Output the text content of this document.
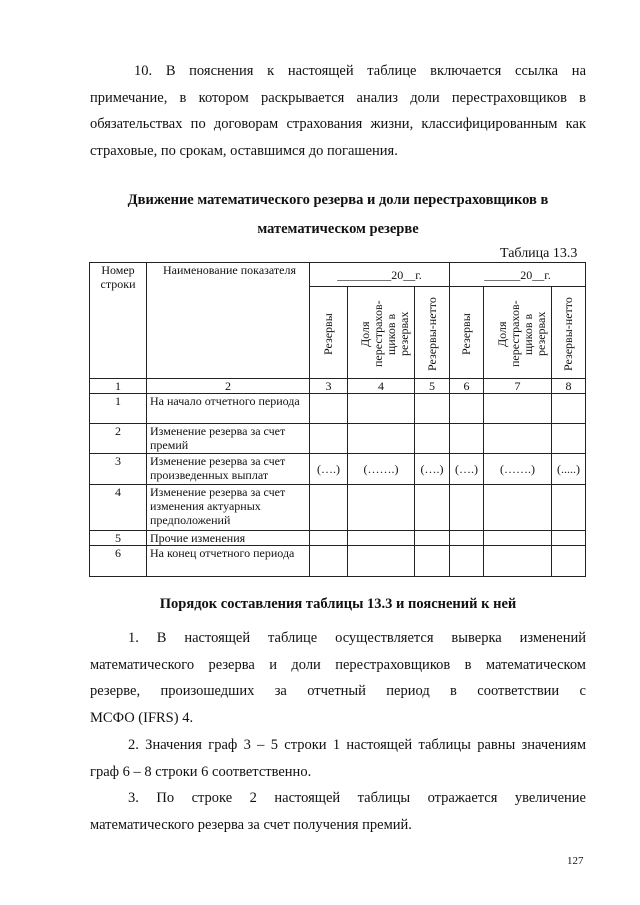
10. В пояснения к настоящей таблице включается ссылка на
примечание, в котором раскрывается анализ доли перестраховщиков в
обязательствах по договорам страхования жизни, классифицированным как
страховые, по срокам, оставшимся до погашения.
Движение математического резерва и доли перестраховщиков в
математическом резерве
Таблица 13.3
Номер строки	Наименование показателя	_________20__г.			______20__г.		

		Резервы	Доля перестрахов-щиков в резервах	Резервы-нетто	Резервы	Доля перестрахов-щиков в резервах	Резервы-нетто

1	2	3	4	5	6	7	8
1	На начало отчетного периода						
2	Изменение резерва за счет премий						
3	Изменение резерва за счет произведенных выплат	(….)	(…….)	(….)	(….)	(…….)	(.....)
4	Изменение резерва за счет изменения актуарных предположений						
5	Прочие изменения						
6	На конец отчетного периода						
Порядок составления таблицы 13.3 и пояснений к ней
1. В настоящей таблице осуществляется выверка изменений
математического резерва и доли перестраховщиков в математическом
резерве, произошедших за отчетный период в соответствии с
МСФО (IFRS) 4.
2. Значения граф 3 – 5 строки 1 настоящей таблицы равны значениям
граф 6 – 8 строки 6 соответственно.
3. По строке 2 настоящей таблицы отражается увеличение
математического резерва за счет получения премий.
127
